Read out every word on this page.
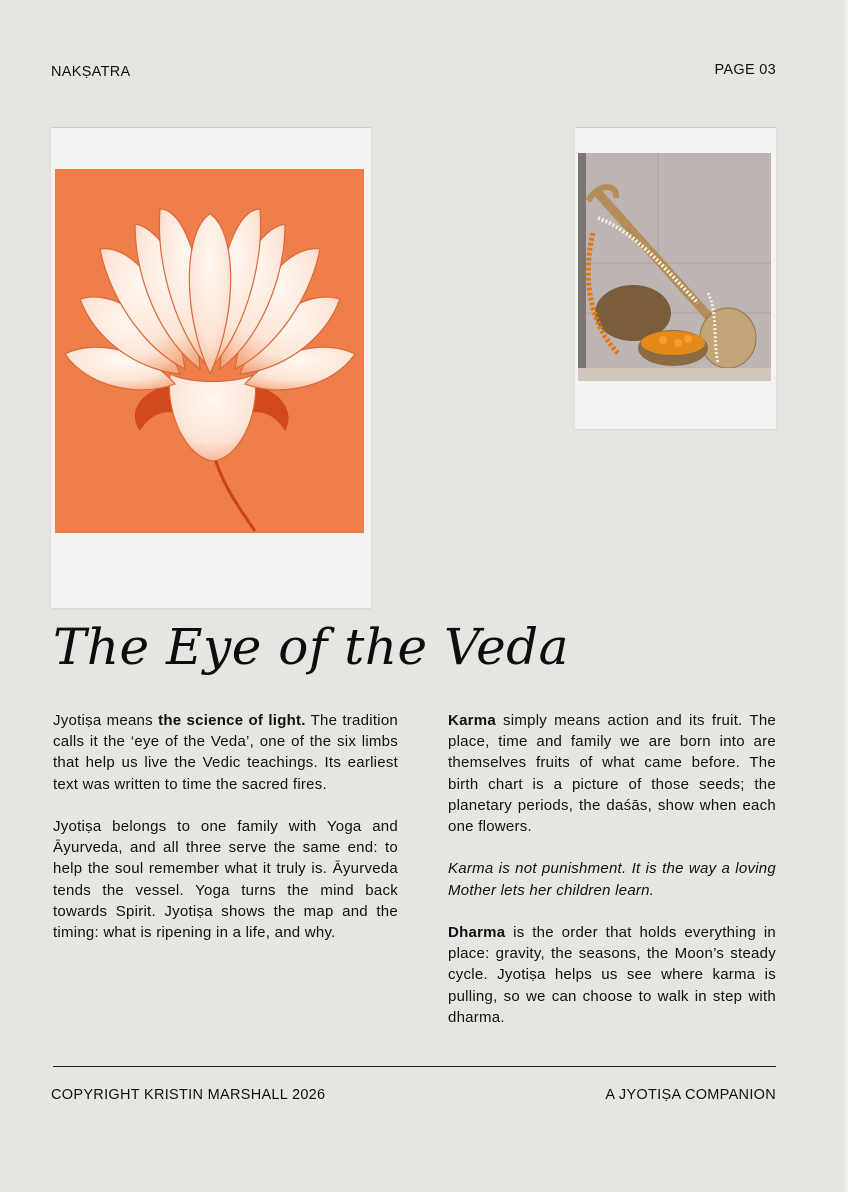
NAKṢATRA	PAGE 03
The Eye of the Veda

Jyotiṣa means the science of light. The tradition calls it the ‘eye of the Veda’, one of the six limbs that help us live the Vedic teachings. Its earliest text was written to time the sacred fires.

Jyotiṣa belongs to one family with Yoga and Āyurveda, and all three serve the same end: to help the soul remember what it truly is. Āyurveda tends the vessel. Yoga turns the mind back towards Spirit. Jyotiṣa shows the map and the timing: what is ripening in a life, and why.

Karma simply means action and its fruit. The place, time and family we are born into are themselves fruits of what came before. The birth chart is a picture of those seeds; the planetary periods, the daśās, show when each one flowers.

Karma is not punishment. It is the way a loving Mother lets her children learn.

Dharma is the order that holds everything in place: gravity, the seasons, the Moon’s steady cycle. Jyotiṣa helps us see where karma is pulling, so we can choose to walk in step with dharma.

COPYRIGHT KRISTIN MARSHALL 2026	A JYOTIṢA COMPANION
